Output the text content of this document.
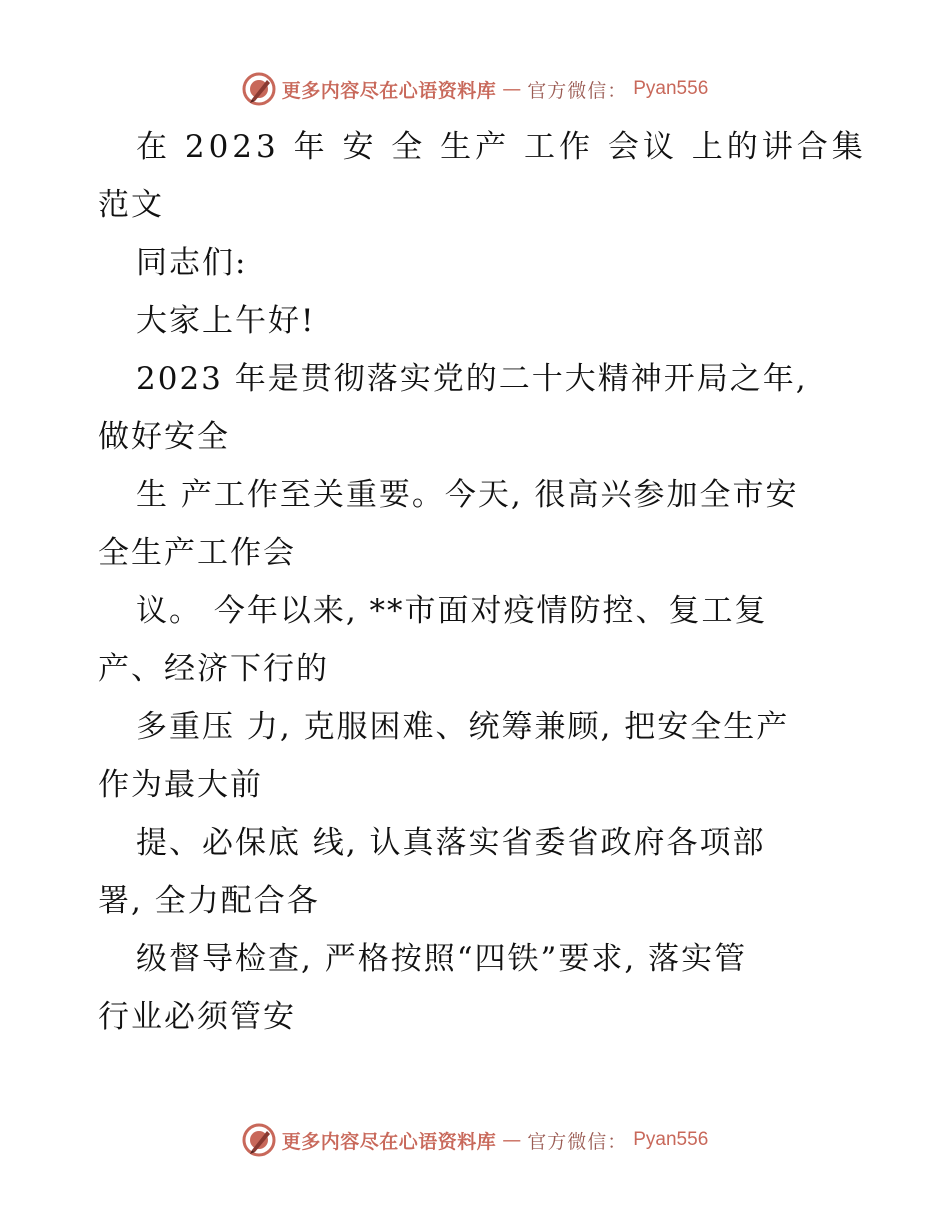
更多内容尽在心语资料库 — 官方微信： Pyan556
在 2023 年 安 全 生产 工作 会议 上的讲合集
范文
同志们:
大家上午好!
2023 年是贯彻落实党的二十大精神开局之年,
做好安全
生 产工作至关重要。今天, 很高兴参加全市安
全生产工作会
议。 今年以来, **市面对疫情防控、复工复
产、经济下行的
多重压 力, 克服困难、统筹兼顾, 把安全生产
作为最大前
提、必保底 线, 认真落实省委省政府各项部
署, 全力配合各
级督导检查, 严格按照“四铁”要求, 落实管
行业必须管安
更多内容尽在心语资料库 — 官方微信： Pyan556
